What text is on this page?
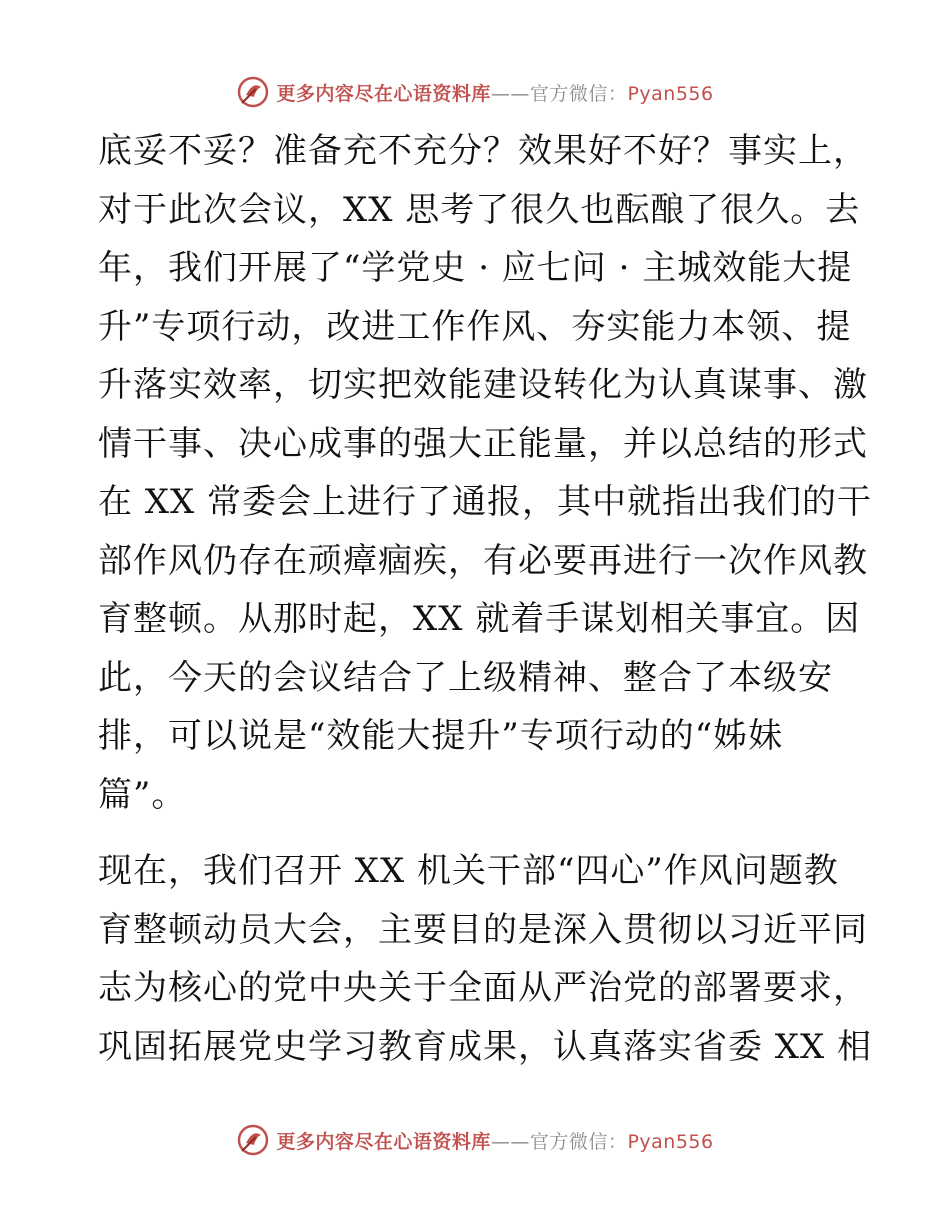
更多内容尽在心语资料库——官方微信：Pyan556
底妥不妥？准备充不充分？效果好不好？事实上，
对于此次会议，XX 思考了很久也酝酿了很久。去
年，我们开展了“学党史 · 应七问 · 主城效能大提
升”专项行动，改进工作作风、夯实能力本领、提
升落实效率，切实把效能建设转化为认真谋事、激
情干事、决心成事的强大正能量，并以总结的形式
在 XX 常委会上进行了通报，其中就指出我们的干
部作风仍存在顽瘴痼疾，有必要再进行一次作风教
育整顿。从那时起，XX 就着手谋划相关事宜。因
此，今天的会议结合了上级精神、整合了本级安
排，可以说是“效能大提升”专项行动的“姊妹
篇”。
现在，我们召开 XX 机关干部“四心”作风问题教
育整顿动员大会，主要目的是深入贯彻以习近平同
志为核心的党中央关于全面从严治党的部署要求，
巩固拓展党史学习教育成果，认真落实省委 XX 相
更多内容尽在心语资料库——官方微信：Pyan556
